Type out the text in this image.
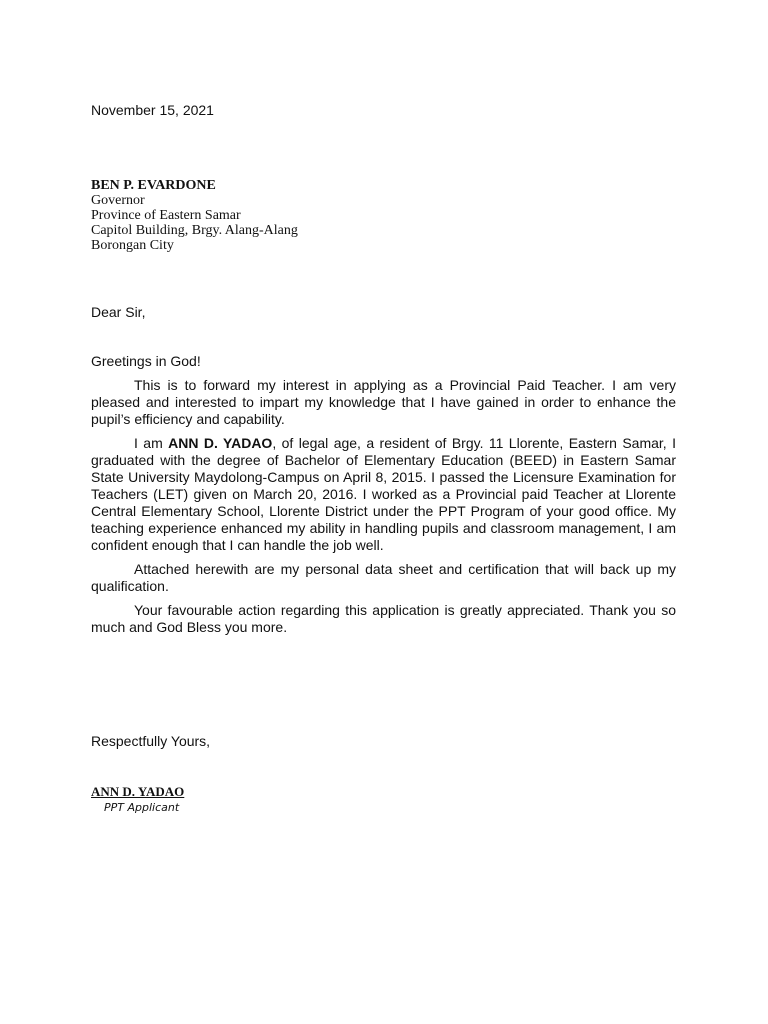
November 15, 2021
BEN P. EVARDONE
Governor
Province of Eastern Samar
Capitol Building, Brgy. Alang-Alang
Borongan City
Dear Sir,

Greetings in God!

This is to forward my interest in applying as a Provincial Paid Teacher. I am very pleased and interested to impart my knowledge that I have gained in order to enhance the pupil’s efficiency and capability.

I am ANN D. YADAO, of legal age, a resident of Brgy. 11 Llorente, Eastern Samar, I graduated with the degree of Bachelor of Elementary Education (BEED) in Eastern Samar State University Maydolong-Campus on April 8, 2015. I passed the Licensure Examination for Teachers (LET) given on March 20, 2016. I worked as a Provincial paid Teacher at Llorente Central Elementary School, Llorente District under the PPT Program of your good office. My teaching experience enhanced my ability in handling pupils and classroom management, I am confident enough that I can handle the job well.

Attached herewith are my personal data sheet and certification that will back up my qualification.

Your favourable action regarding this application is greatly appreciated. Thank you so much and God Bless you more.

Respectfully Yours,
ANN D. YADAO
PPT Applicant
